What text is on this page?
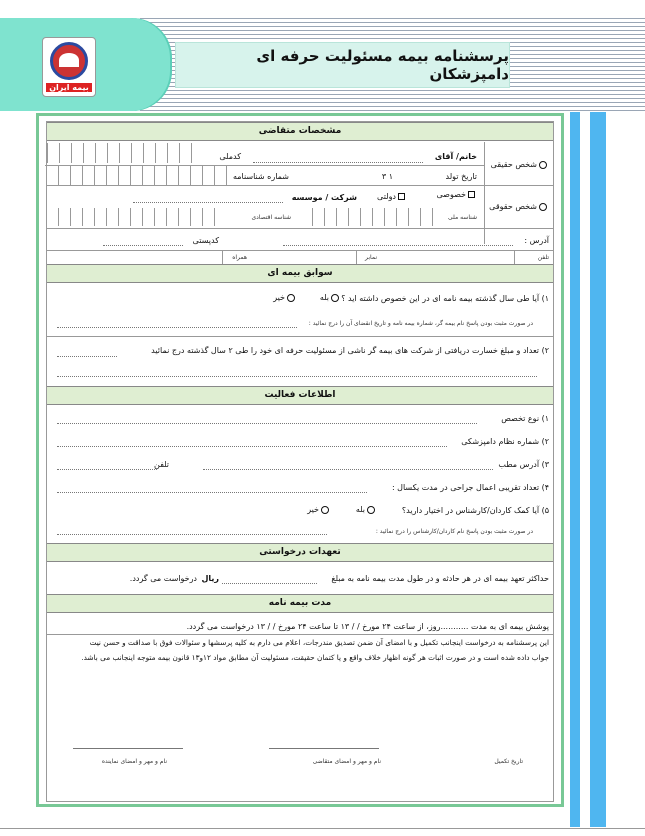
بیمه ایران
پرسشنامه بیمه مسئولیت حرفه ای دامپزشکان
مشخصات متقاضی
شخص حقیقی
خانم/ آقای
کدملی
تاریخ تولد
۱ ۳
شماره شناسنامه
شخص حقوقی
خصوصی
دولتی
شرکت / موسسه
شناسه ملی
شناسه اقتصادی
آدرس :
کدپستی
تلفن
نمابر
همراه
سوابق بیمه ای
۱) آیا طی سال گذشته بیمه نامه ای در این خصوص داشته اید ؟
بله
خیر
در صورت مثبت بودن پاسخ نام بیمه گر، شماره بیمه نامه و تاریخ انقضای آن را درج نمائید :
۲) تعداد و مبلغ خسارت دریافتی از شرکت های بیمه گر ناشی از مسئولیت حرفه ای خود را طی ۲ سال گذشته درج نمائید
اطلاعات فعالیت
۱) نوع تخصص
۲) شماره نظام دامپزشکی
۳) آدرس مطب
تلفن
۴) تعداد تقریبی اعمال جراحی در مدت یکسال :
۵) آیا کمک کاردان/کارشناس در اختیار دارید؟
بله
خیر
در صورت مثبت بودن پاسخ نام کاردان/کارشناس را درج نمائید :
تعهدات درخواستی
حداکثر تعهد بیمه ای در هر حادثه و در طول مدت بیمه نامه به مبلغ
ریال
درخواست می گردد.
مدت بیمه نامه
پوشش بیمه ای به مدت ...........روز، از ساعت ۲۴ مورخ / / ۱۳ تا ساعت ۲۴ مورخ / / ۱۳ درخواست می گردد.
این پرسشنامه به درخواست اینجانب تکمیل و با امضای آن ضمن تصدیق مندرجات، اعلام می دارم به کلیه پرسشها و سئوالات فوق با صداقت و حسن نیت
جواب داده شده است و در صورت اثبات هر گونه اظهار خلاف واقع و یا کتمان حقیقت، مسئولیت آن مطابق مواد ۱۲و۱۳ قانون بیمه متوجه اینجانب می باشد.
تاریخ تکمیل
نام و مهر و امضای متقاضی
نام و مهر و امضای نماینده
